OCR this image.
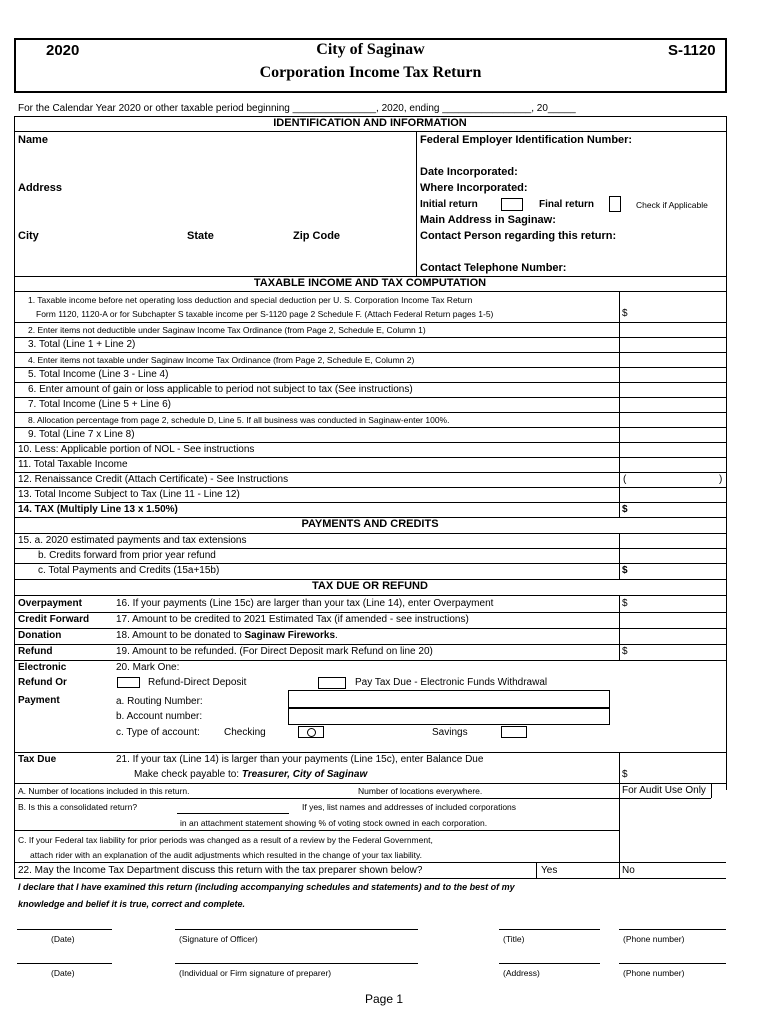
2020	S-1120
City of Saginaw
Corporation Income Tax Return
For the Calendar Year 2020 or other taxable period beginning _______________, 2020, ending ________________, 20_____
IDENTIFICATION AND INFORMATION
Name
Address
City	State	Zip Code
Federal Employer Identification Number:
Date Incorporated:
Where Incorporated:
Initial return	Final return	Check if Applicable
Main Address in Saginaw:
Contact Person regarding this return:
Contact Telephone Number:
TAXABLE INCOME AND TAX COMPUTATION
1. Taxable income before net operating loss deduction and special deduction per U. S. Corporation Income Tax Return
Form 1120, 1120-A or for Subchapter S taxable income per S-1120 page 2 Schedule F. (Attach Federal Return pages 1-5)	$
2. Enter items not deductible under Saginaw Income Tax Ordinance (from Page 2, Schedule E, Column 1)
3. Total (Line 1 + Line 2)
4. Enter items not taxable under Saginaw Income Tax Ordinance (from Page 2, Schedule E, Column 2)
5. Total Income (Line 3 - Line 4)
6. Enter amount of gain or loss applicable to period not subject to tax (See instructions)
7. Total Income (Line 5 + Line 6)
8. Allocation percentage from page 2, schedule D, Line 5. If all business was conducted in Saginaw-enter 100%.
9. Total (Line 7 x Line 8)
10. Less: Applicable portion of NOL - See instructions
11. Total Taxable Income
12. Renaissance Credit (Attach Certificate) - See Instructions	(	)
13. Total Income Subject to Tax (Line 11 - Line 12)
14. TAX (Multiply Line 13 x 1.50%)	$
PAYMENTS AND CREDITS
15. a. 2020 estimated payments and tax extensions
b. Credits forward from prior year refund
c. Total Payments and Credits (15a+15b)	$
TAX DUE OR REFUND
Overpayment	16. If your payments (Line 15c) are larger than your tax (Line 14), enter Overpayment	$
Credit Forward	17. Amount to be credited to 2021 Estimated Tax (if amended - see instructions)
Donation	18. Amount to be donated to Saginaw Fireworks.
Refund	19. Amount to be refunded. (For Direct Deposit mark Refund on line 20)	$
Electronic
Refund Or
Payment
20. Mark One:
Refund-Direct Deposit	Pay Tax Due - Electronic Funds Withdrawal
a. Routing Number:
b. Account number:
c. Type of account: Checking	Savings
Tax Due	21. If your tax (Line 14) is larger than your payments (Line 15c), enter Balance Due
Make check payable to: Treasurer, City of Saginaw	$
A. Number of locations included in this return.	Number of locations everywhere.	For Audit Use Only
B. Is this a consolidated return?	If yes, list names and addresses of included corporations
in an attachment statement showing % of voting stock owned in each corporation.
C. If your Federal tax liability for prior periods was changed as a result of a review by the Federal Government,
attach rider with an explanation of the audit adjustments which resulted in the change of your tax liability.
22. May the Income Tax Department discuss this return with the tax preparer shown below?	Yes	No
I declare that I have examined this return (including accompanying schedules and statements) and to the best of my
knowledge and belief it is true, correct and complete.
(Date)	(Signature of Officer)	(Title)	(Phone number)
(Date)	(Individual or Firm signature of preparer)	(Address)	(Phone number)
Page 1
